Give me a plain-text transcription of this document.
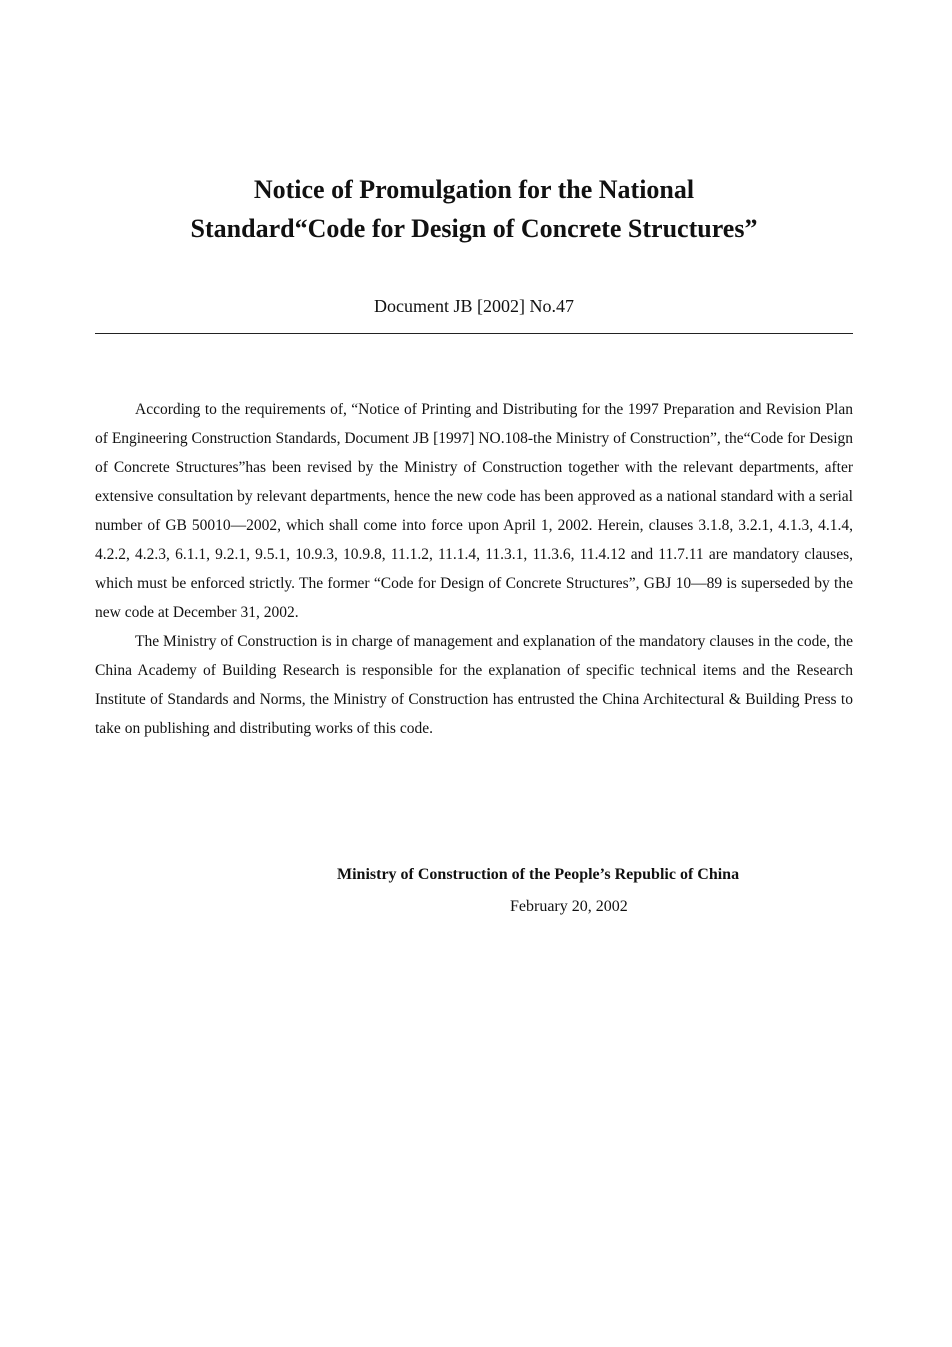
Notice of Promulgation for the National
Standard“Code for Design of Concrete Structures”
Document JB [2002] No.47

According to the requirements of, “Notice of Printing and Distributing for the 1997 Preparation and Revision Plan of Engineering Construction Standards, Document JB [1997] NO.108-the Ministry of Construction”, the“Code for Design of Concrete Structures”has been revised by the Ministry of Construction together with the relevant departments, after extensive consultation by relevant departments, hence the new code has been approved as a national standard with a serial number of GB 50010—2002, which shall come into force upon April 1, 2002. Herein, clauses 3.1.8, 3.2.1, 4.1.3, 4.1.4, 4.2.2, 4.2.3, 6.1.1, 9.2.1, 9.5.1, 10.9.3, 10.9.8, 11.1.2, 11.1.4, 11.3.1, 11.3.6, 11.4.12 and 11.7.11 are mandatory clauses, which must be enforced strictly. The former “Code for Design of Concrete Structures”, GBJ 10—89 is superseded by the new code at December 31, 2002.

The Ministry of Construction is in charge of management and explanation of the mandatory clauses in the code, the China Academy of Building Research is responsible for the explanation of specific technical items and the Research Institute of Standards and Norms, the Ministry of Construction has entrusted the China Architectural & Building Press to take on publishing and distributing works of this code.

Ministry of Construction of the People’s Republic of China
February 20, 2002
